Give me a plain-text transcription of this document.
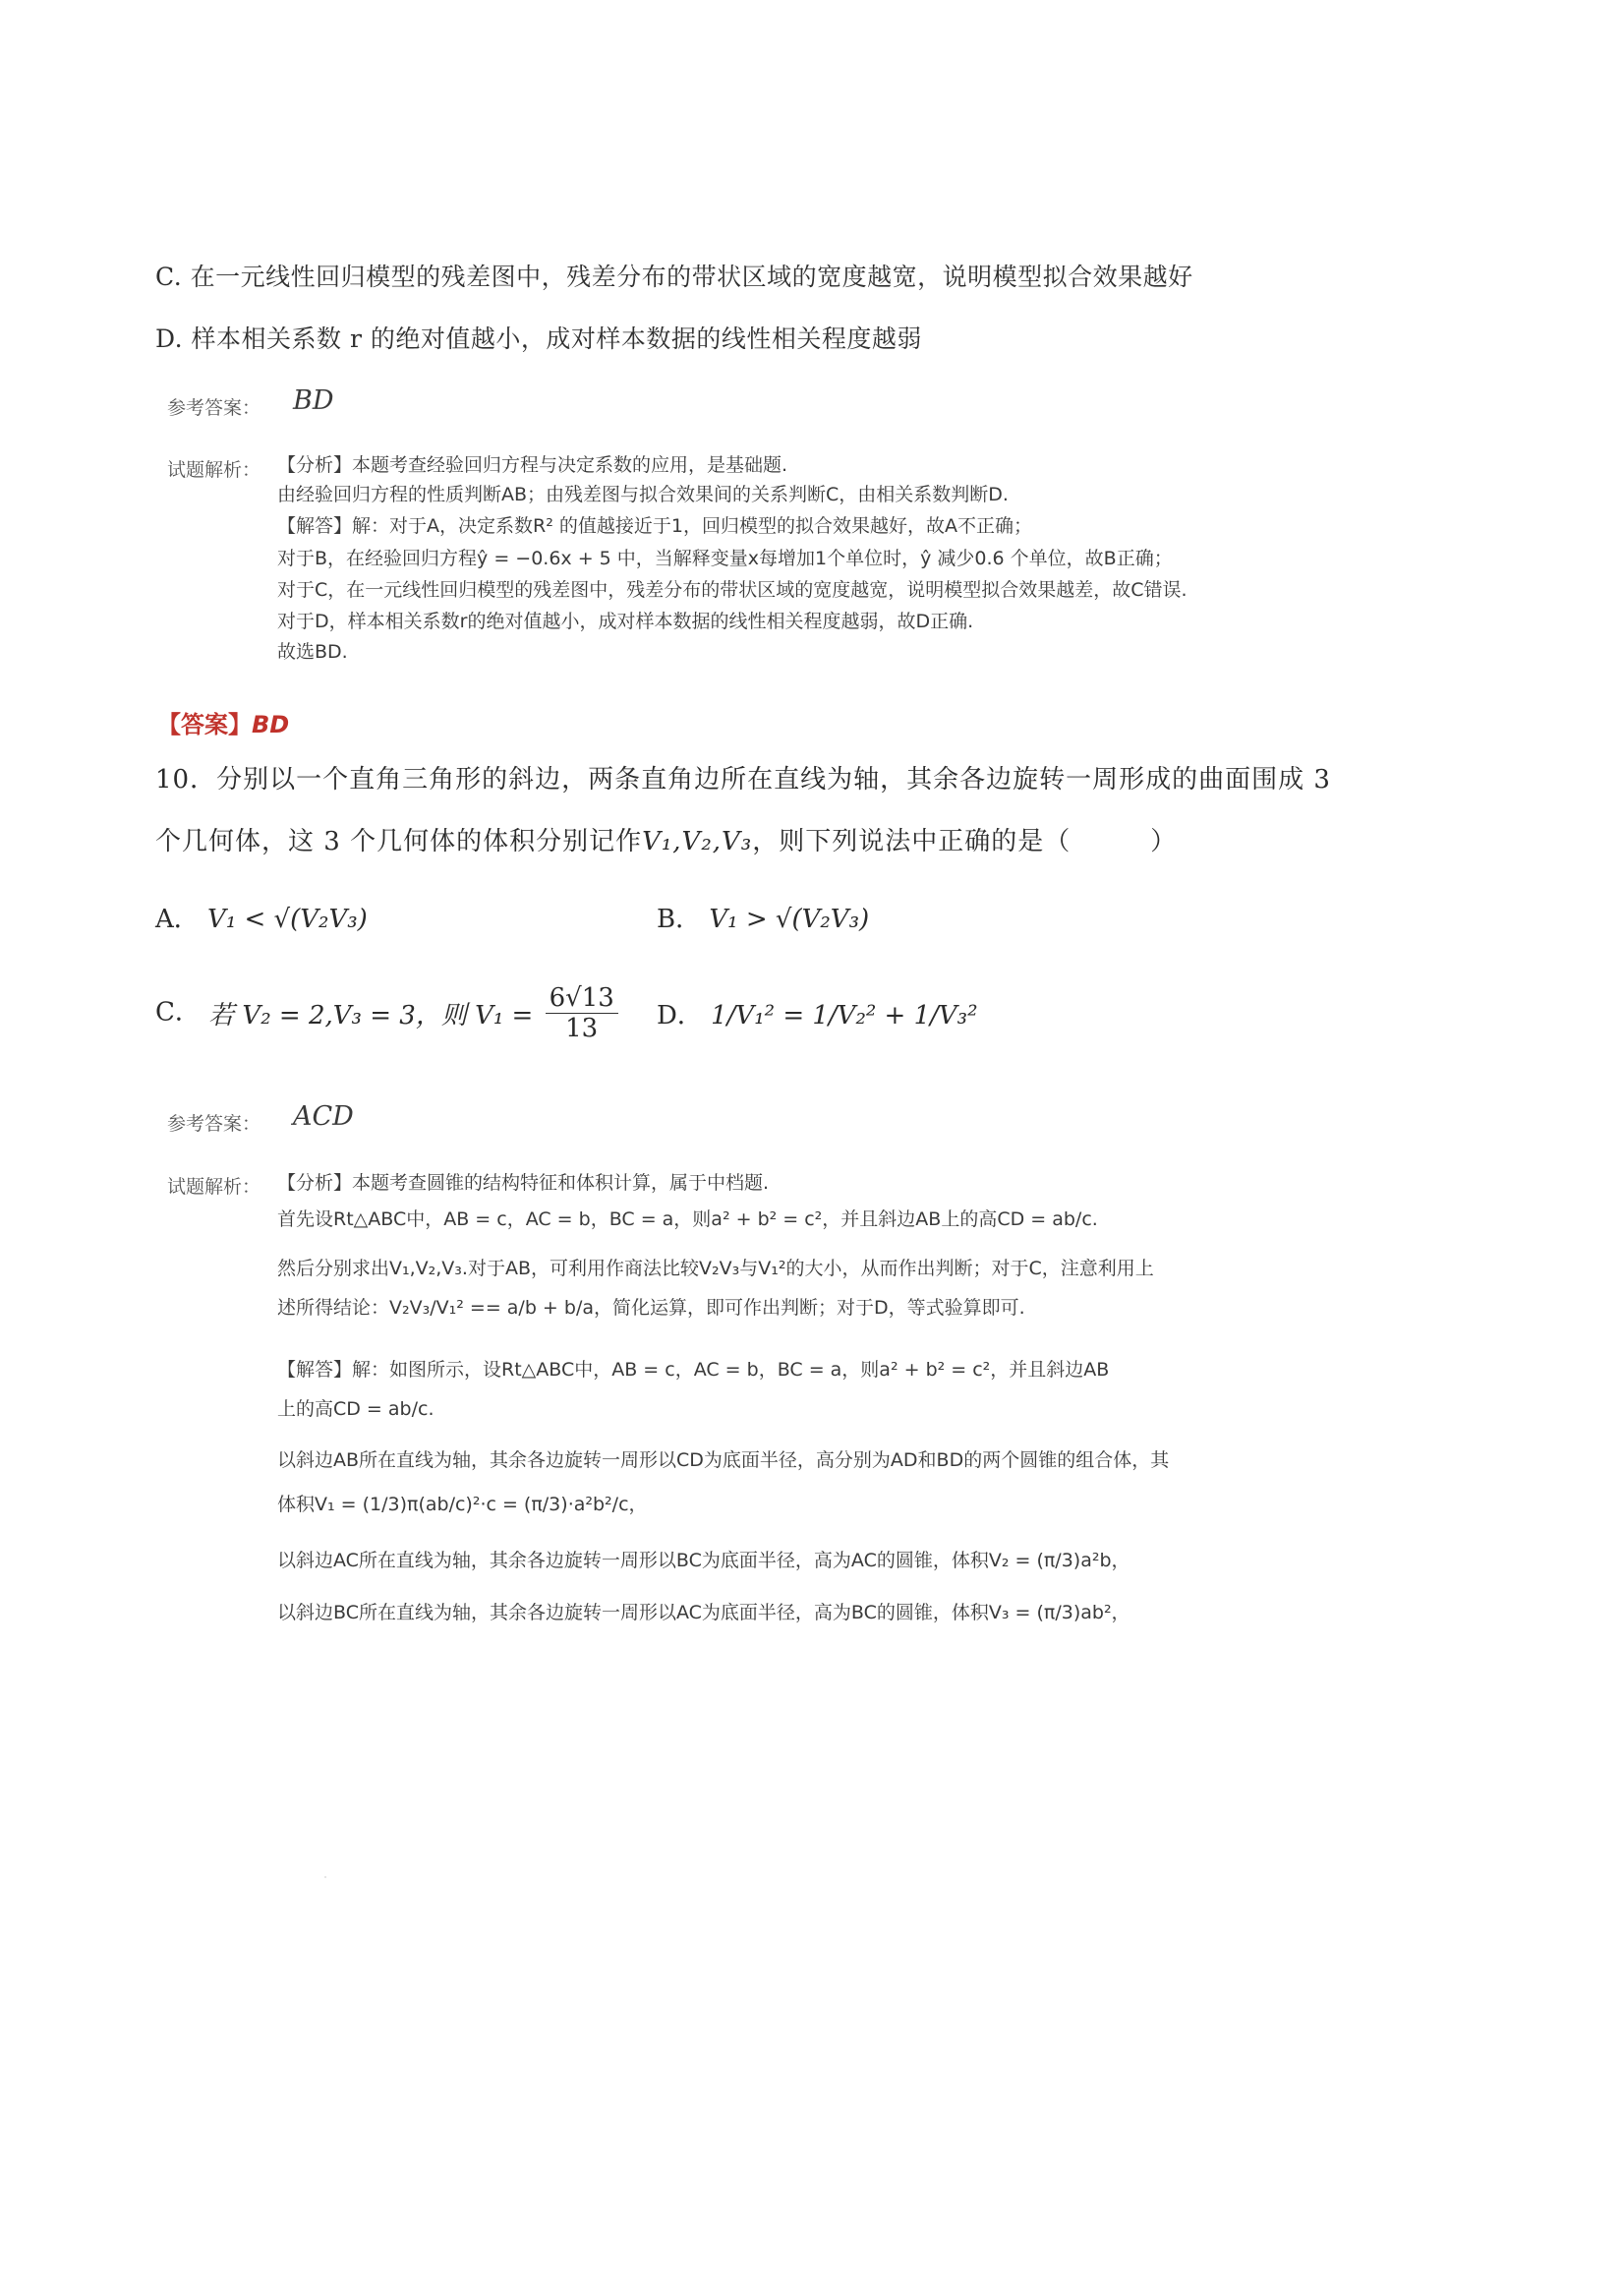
C. 在一元线性回归模型的残差图中，残差分布的带状区域的宽度越宽，说明模型拟合效果越好
D. 样本相关系数 r 的绝对值越小，成对样本数据的线性相关程度越弱
参考答案： BD
试题解析： 【分析】本题考查经验回归方程与决定系数的应用，是基础题.
由经验回归方程的性质判断AB；由残差图与拟合效果间的关系判断C，由相关系数判断D.
【解答】解：对于A，决定系数R² 的值越接近于1，回归模型的拟合效果越好，故A不正确；
对于B，在经验回归方程ŷ = −0.6x + 5 中，当解释变量x每增加1个单位时，ŷ 减少0.6 个单位，故B正确；
对于C，在一元线性回归模型的残差图中，残差分布的带状区域的宽度越宽，说明模型拟合效果越差，故C错误.
对于D，样本相关系数r的绝对值越小，成对样本数据的线性相关程度越弱，故D正确.
故选BD.
【答案】BD
10．分别以一个直角三角形的斜边，两条直角边所在直线为轴，其余各边旋转一周形成的曲面围成 3
个几何体，这 3 个几何体的体积分别记作V₁,V₂,V₃，则下列说法中正确的是（　　　）
A． V₁ < √(V₂V₃)	B． V₁ > √(V₂V₃)
C． 若 V₂ = 2,V₃ = 3，则 $V_1 = \frac{6√13}{13}$ D． 1/V₁² = 1/V₂² + 1/V₃²
参考答案： ACD
试题解析： 【分析】本题考查圆锥的结构特征和体积计算，属于中档题.
首先设Rt△ABC中，AB = c，AC = b，BC = a，则a² + b² = c²，并且斜边AB上的高CD = ab/c.
然后分别求出V₁,V₂,V₃.对于AB，可利用作商法比较V₂V₃与V₁²的大小，从而作出判断；对于C，注意利用上
述所得结论：V₂V₃/V₁² == a/b + b/a，简化运算，即可作出判断；对于D，等式验算即可.
【解答】解：如图所示，设Rt△ABC中，AB = c，AC = b，BC = a，则a² + b² = c²，并且斜边AB
上的高CD = ab/c.
以斜边AB所在直线为轴，其余各边旋转一周形以CD为底面半径，高分别为AD和BD的两个圆锥的组合体，其
体积V₁ = (1/3)π(ab/c)²·c = (π/3)·a²b²/c，
以斜边AC所在直线为轴，其余各边旋转一周形以BC为底面半径，高为AC的圆锥，体积V₂ = (π/3)a²b，
以斜边BC所在直线为轴，其余各边旋转一周形以AC为底面半径，高为BC的圆锥，体积V₃ = (π/3)ab²，
